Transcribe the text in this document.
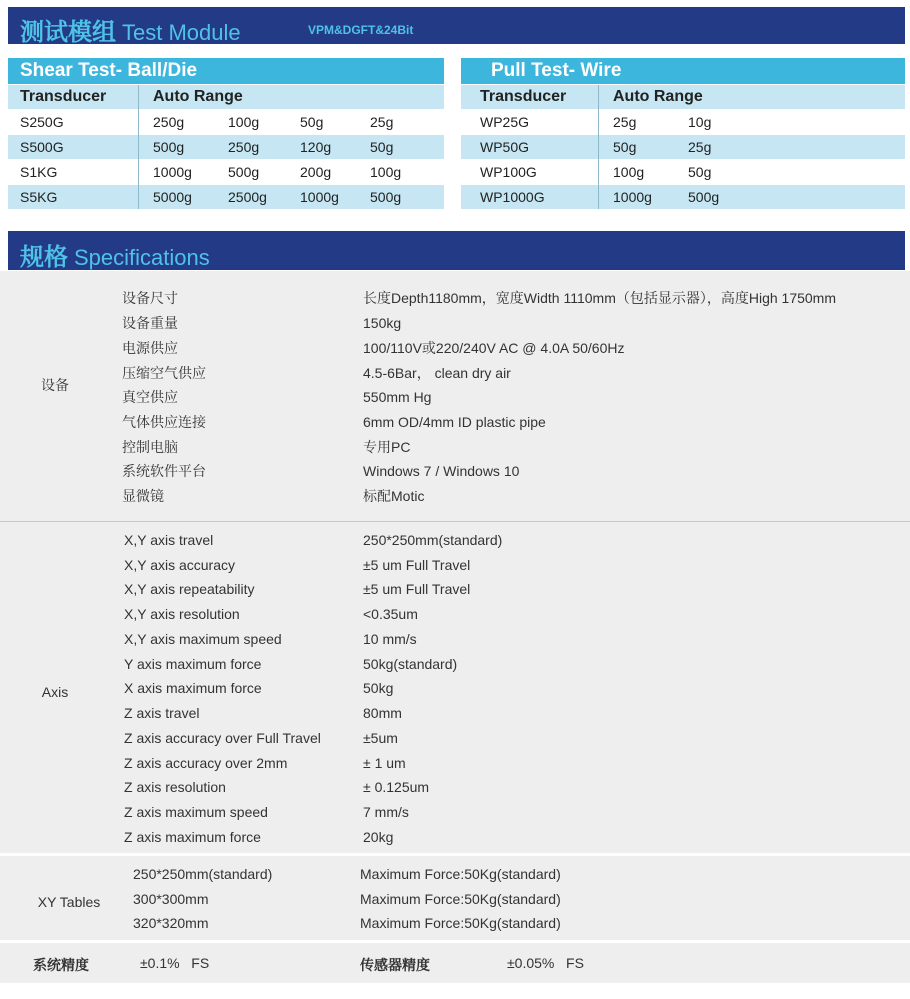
测试模组 Test Module	VPM&DGFT&24Bit
Shear Test- Ball/Die
Transducer	Auto Range
S250G	250g	100g	50g	25g
S500G	500g	250g	120g	50g
S1KG	1000g	500g	200g	100g
S5KG	5000g	2500g 1000g 500g
Pull Test- Wire
Transducer	Auto Range
WP25G	25g	10g
WP50G	50g	25g
WP100G	100g	50g
WP1000G	1000g	500g
规格 Specifications
设备
设备尺寸	长度Depth1180mm，宽度Width 1110mm（包括显示器），高度High 1750mm
设备重量	150kg
电源供应	100/110V或220/240V AC @ 4.0A 50/60Hz
压缩空气供应	4.5-6Bar， clean dry air
真空供应	550mm Hg
气体供应连接	6mm OD/4mm ID plastic pipe
控制电脑	专用PC
系统软件平台	Windows 7 / Windows 10
显微镜	标配Motic
Axis
X,Y axis travel	250*250mm(standard)
X,Y axis accuracy	±5 um Full Travel
X,Y axis repeatability	±5 um Full Travel
X,Y axis resolution	<0.35um
X,Y axis maximum speed	10 mm/s
Y axis maximum force	50kg(standard)
X axis maximum force	50kg
Z axis travel	80mm
Z axis accuracy over Full Travel	±5um
Z axis accuracy over 2mm	± 1 um
Z axis resolution	± 0.125um
Z axis maximum speed	7 mm/s
Z axis maximum force	20kg
XY Tables
250*250mm(standard)	Maximum Force:50Kg(standard)
300*300mm	Maximum Force:50Kg(standard)
320*320mm	Maximum Force:50Kg(standard)
系统精度	±0.1%   FS	传感器精度	±0.05%   FS
